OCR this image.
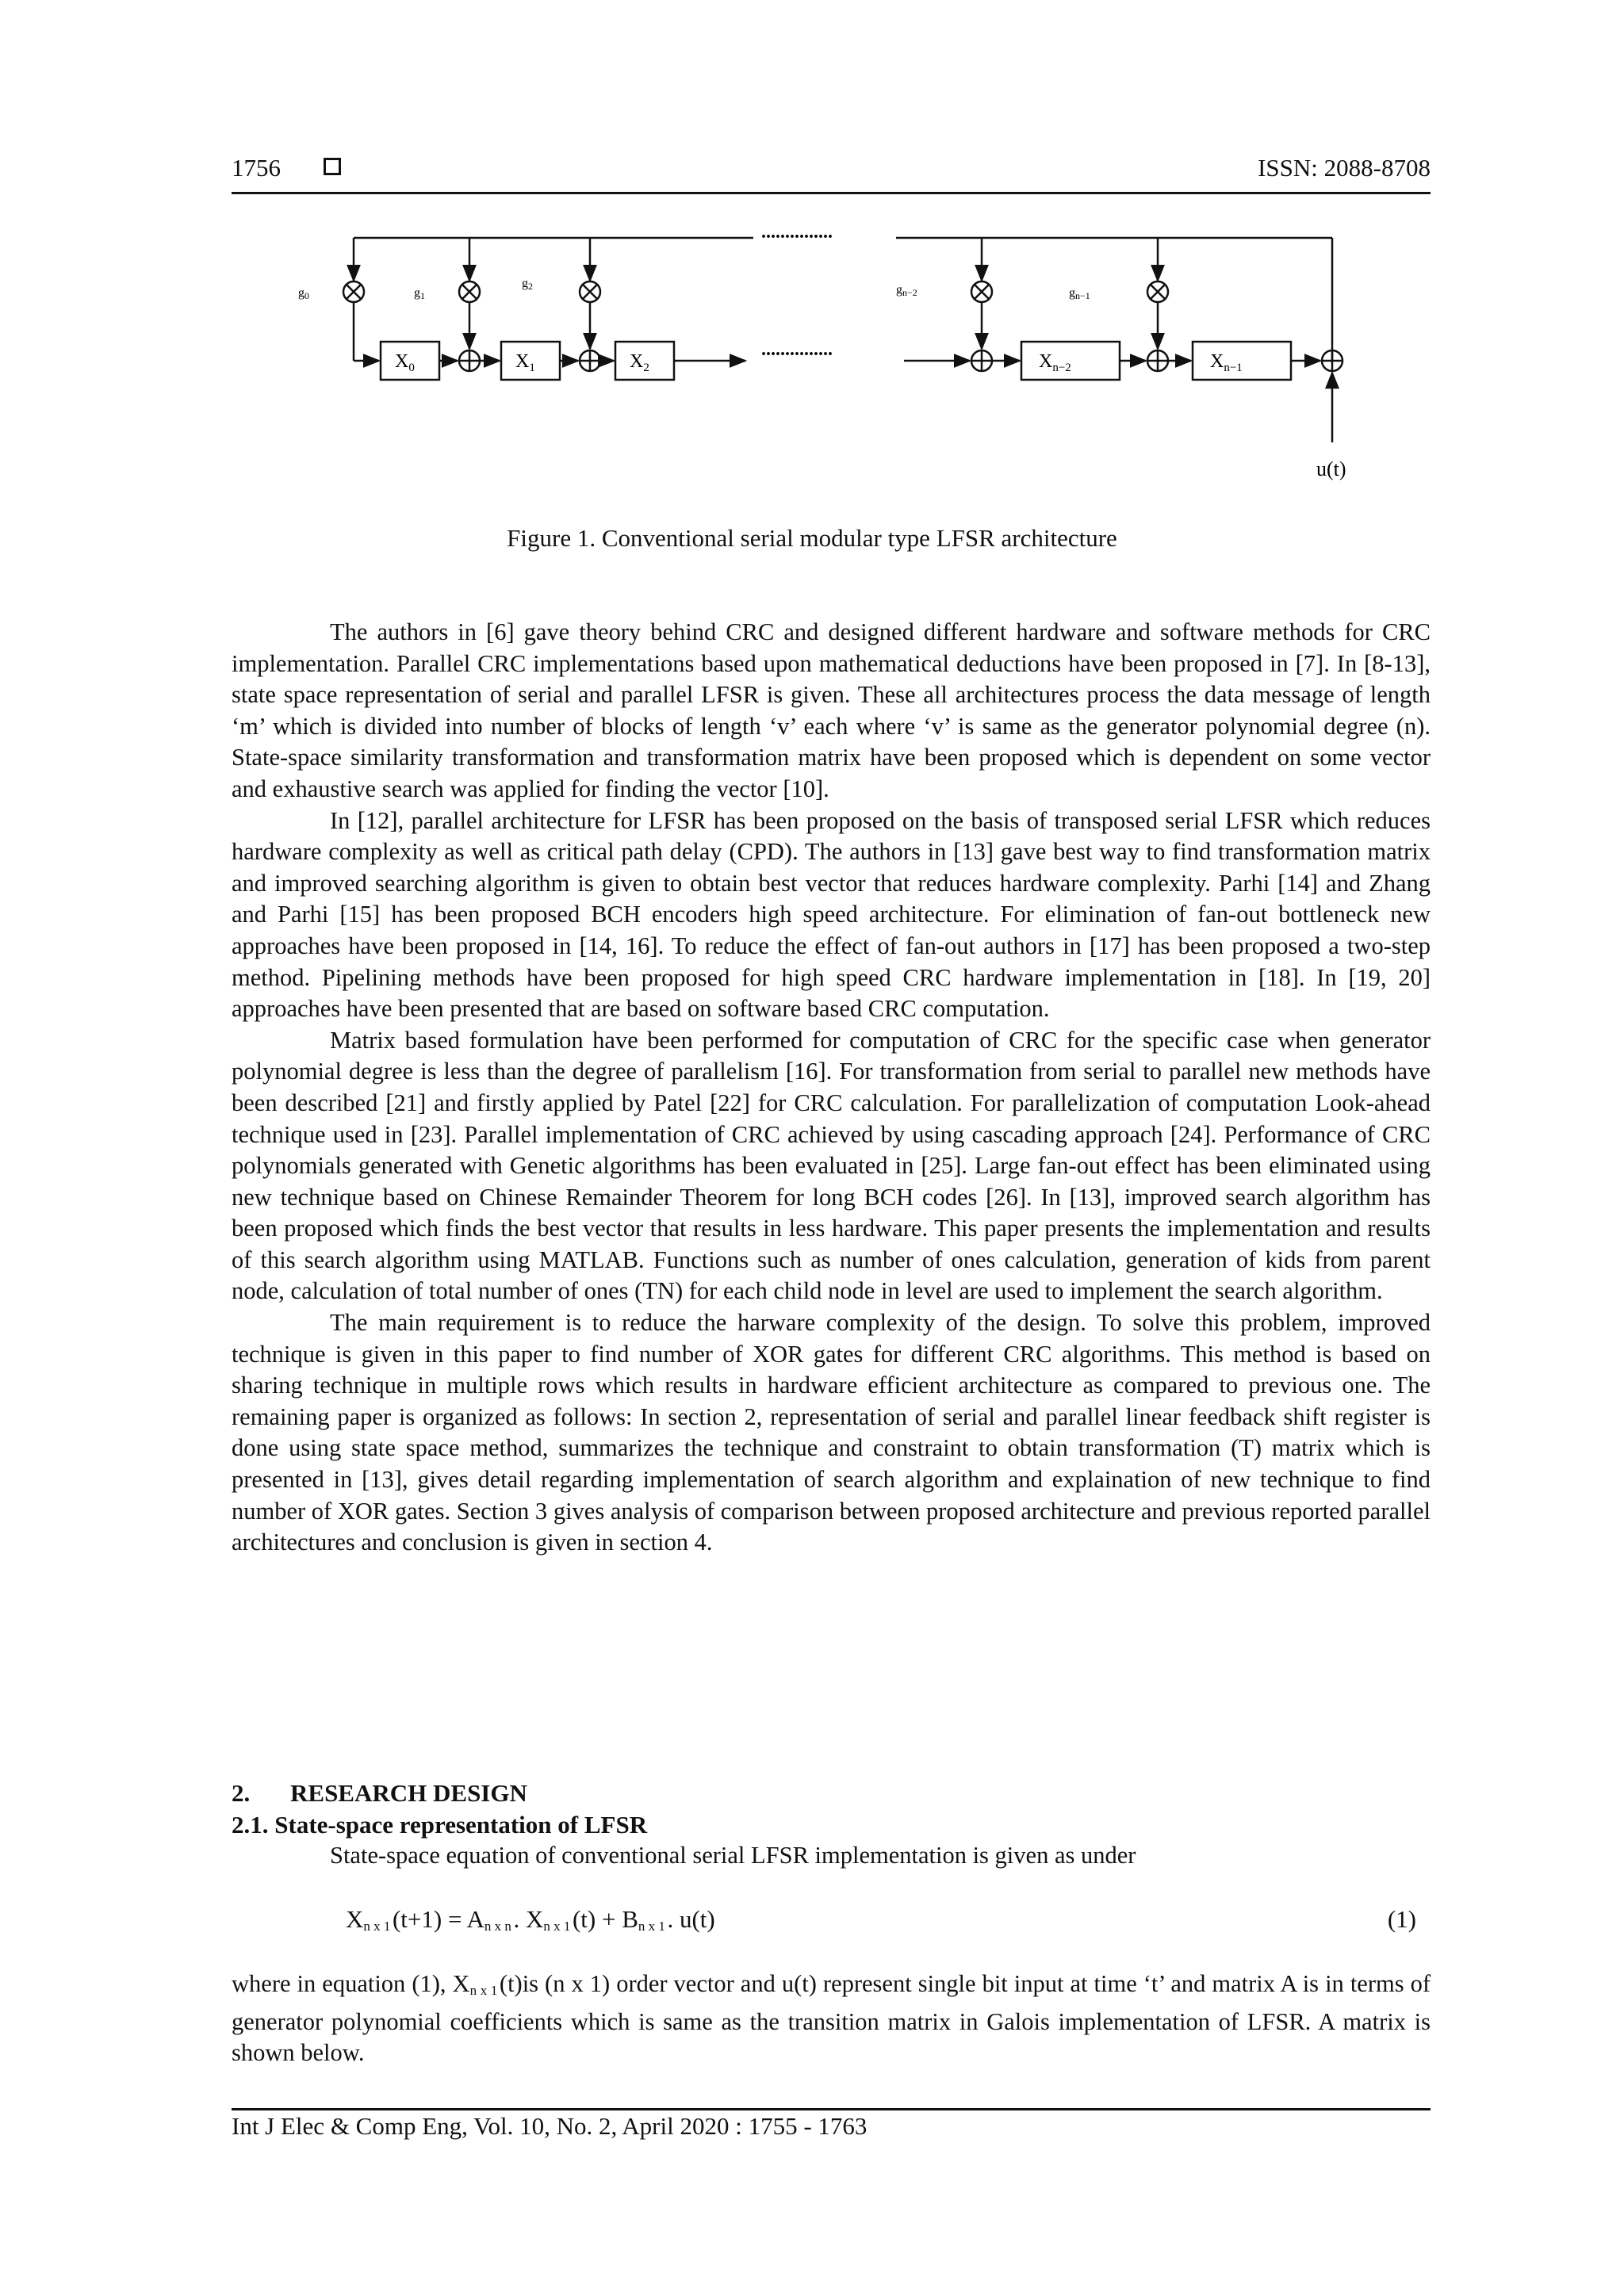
1756	ISSN: 2088-8708
...............
...............
g0	g1
g2	gn−2	gn−1
$X_0$	$X_1$	$X_2$	$X_{n-2}$	$X_{n-1}$
u(t)
Figure 1. Conventional serial modular type LFSR architecture

The authors in [6] gave theory behind CRC and designed different hardware and software methods for CRC implementation. Parallel CRC implementations based upon mathematical deductions have been proposed in [7]. In [8-13], state space representation of serial and parallel LFSR is given. These all architectures process the data message of length ‘m’ which is divided into number of blocks of length ‘v’ each where ‘v’ is same as the generator polynomial degree (n). State-space similarity transformation and transformation matrix have been proposed which is dependent on some vector and exhaustive search was applied for finding the vector [10].

In [12], parallel architecture for LFSR has been proposed on the basis of transposed serial LFSR which reduces hardware complexity as well as critical path delay (CPD). The authors in [13] gave best way to find transformation matrix and improved searching algorithm is given to obtain best vector that reduces hardware complexity. Parhi [14] and Zhang and Parhi [15] has been proposed BCH encoders high speed architecture. For elimination of fan-out bottleneck new approaches have been proposed in [14, 16]. To reduce the effect of fan-out authors in [17] has been proposed a two-step method. Pipelining methods have been proposed for high speed CRC hardware implementation in [18]. In [19, 20] approaches have been presented that are based on software based CRC computation.

Matrix based formulation have been performed for computation of CRC for the specific case when generator polynomial degree is less than the degree of parallelism [16]. For transformation from serial to parallel new methods have been described [21] and firstly applied by Patel [22] for CRC calculation. For parallelization of computation Look-ahead technique used in [23]. Parallel implementation of CRC achieved by using cascading approach [24]. Performance of CRC polynomials generated with Genetic algorithms has been evaluated in [25]. Large fan-out effect has been eliminated using new technique based on Chinese Remainder Theorem for long BCH codes [26]. In [13], improved search algorithm has been proposed which finds the best vector that results in less hardware. This paper presents the implementation and results of this search algorithm using MATLAB. Functions such as number of ones calculation, generation of kids from parent node, calculation of total number of ones (TN) for each child node in level are used to implement the search algorithm.

The main requirement is to reduce the harware complexity of the design. To solve this problem, improved technique is given in this paper to find number of XOR gates for different CRC algorithms. This method is based on sharing technique in multiple rows which results in hardware efficient architecture as compared to previous one. The remaining paper is organized as follows: In section 2, representation of serial and parallel linear feedback shift register is done using state space method, summarizes the technique and constraint to obtain transformation (T) matrix which is presented in [13], gives detail regarding implementation of search algorithm and explaination of new technique to find number of XOR gates. Section 3 gives analysis of comparison between proposed architecture and previous reported parallel architectures and conclusion is given in section 4.

2. RESEARCH DESIGN
2.1. State-space representation of LFSR
State-space equation of conventional serial LFSR implementation is given as under
$X_{n x 1}$ $(t+1) = A_{n x n}$ . $X_{n x 1}$ $(t) + B_{n x 1}$ . u(t)	(1)
where in equation (1), $X_{n x 1}$ (t)is (n x 1) order vector and u(t) represent single bit input at time ‘t’ and matrix A is in terms of generator polynomial coefficients which is same as the transition matrix in Galois implementation of LFSR. A matrix is shown below.
Int J Elec & Comp Eng, Vol. 10, No. 2, April 2020 : 1755 - 1763
